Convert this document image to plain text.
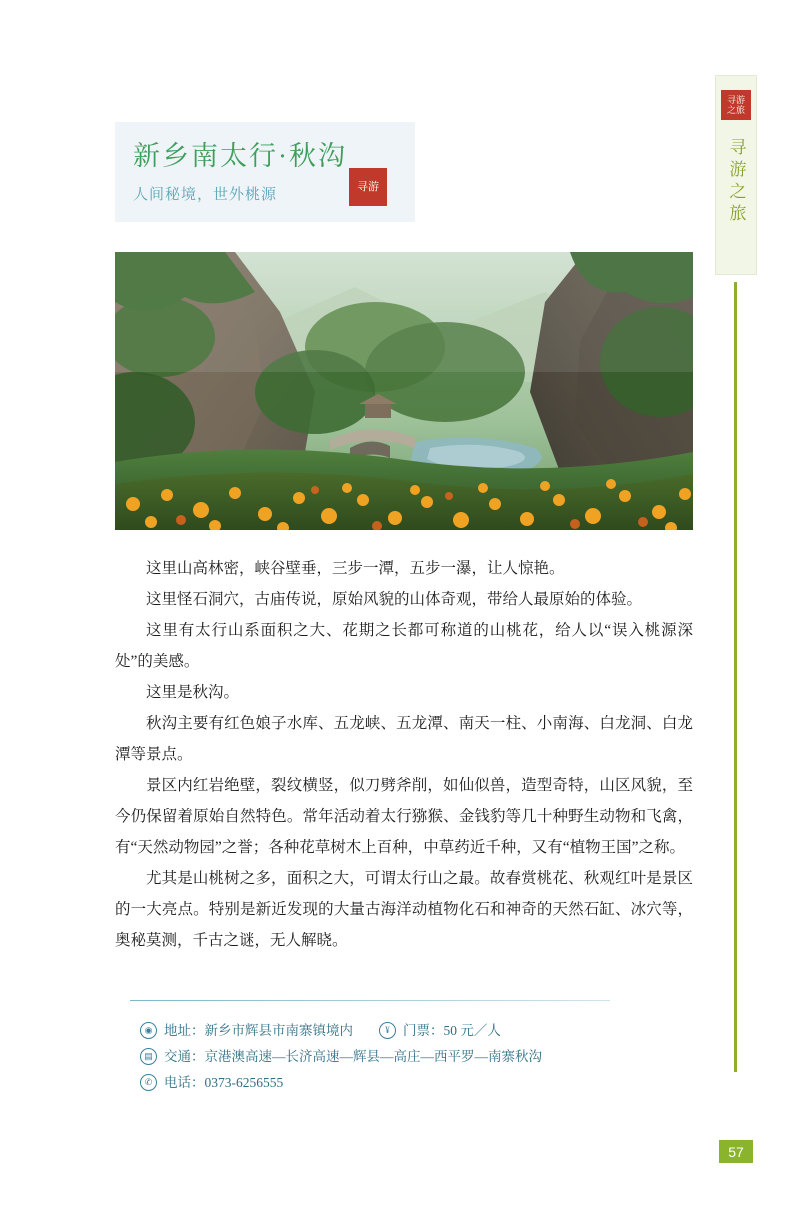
寻游之旅
寻游之旅
新乡南太行·秋沟
人间秘境，世外桃源	寻游

这里山高林密，峡谷壁垂，三步一潭，五步一瀑，让人惊艳。

这里怪石洞穴，古庙传说，原始风貌的山体奇观，带给人最原始的体验。

这里有太行山系面积之大、花期之长都可称道的山桃花，给人以“误入桃源深处”的美感。

这里是秋沟。

秋沟主要有红色娘子水库、五龙峡、五龙潭、南天一柱、小南海、白龙洞、白龙潭等景点。

景区内红岩绝壁，裂纹横竖，似刀劈斧削，如仙似兽，造型奇特，山区风貌，至今仍保留着原始自然特色。常年活动着太行猕猴、金钱豹等几十种野生动物和飞禽，有“天然动物园”之誉；各种花草树木上百种，中草药近千种，又有“植物王国”之称。

尤其是山桃树之多，面积之大，可谓太行山之最。故春赏桃花、秋观红叶是景区的一大亮点。特别是新近发现的大量古海洋动植物化石和神奇的天然石缸、冰穴等，奥秘莫测，千古之谜，无人解晓。

◉ 地址：新乡市辉县市南寨镇境内	¥ 门票：50 元／人
▤ 交通：京港澳高速—长济高速—辉县—高庄—西平罗—南寨秋沟
✆ 电话：0373-6256555
57
